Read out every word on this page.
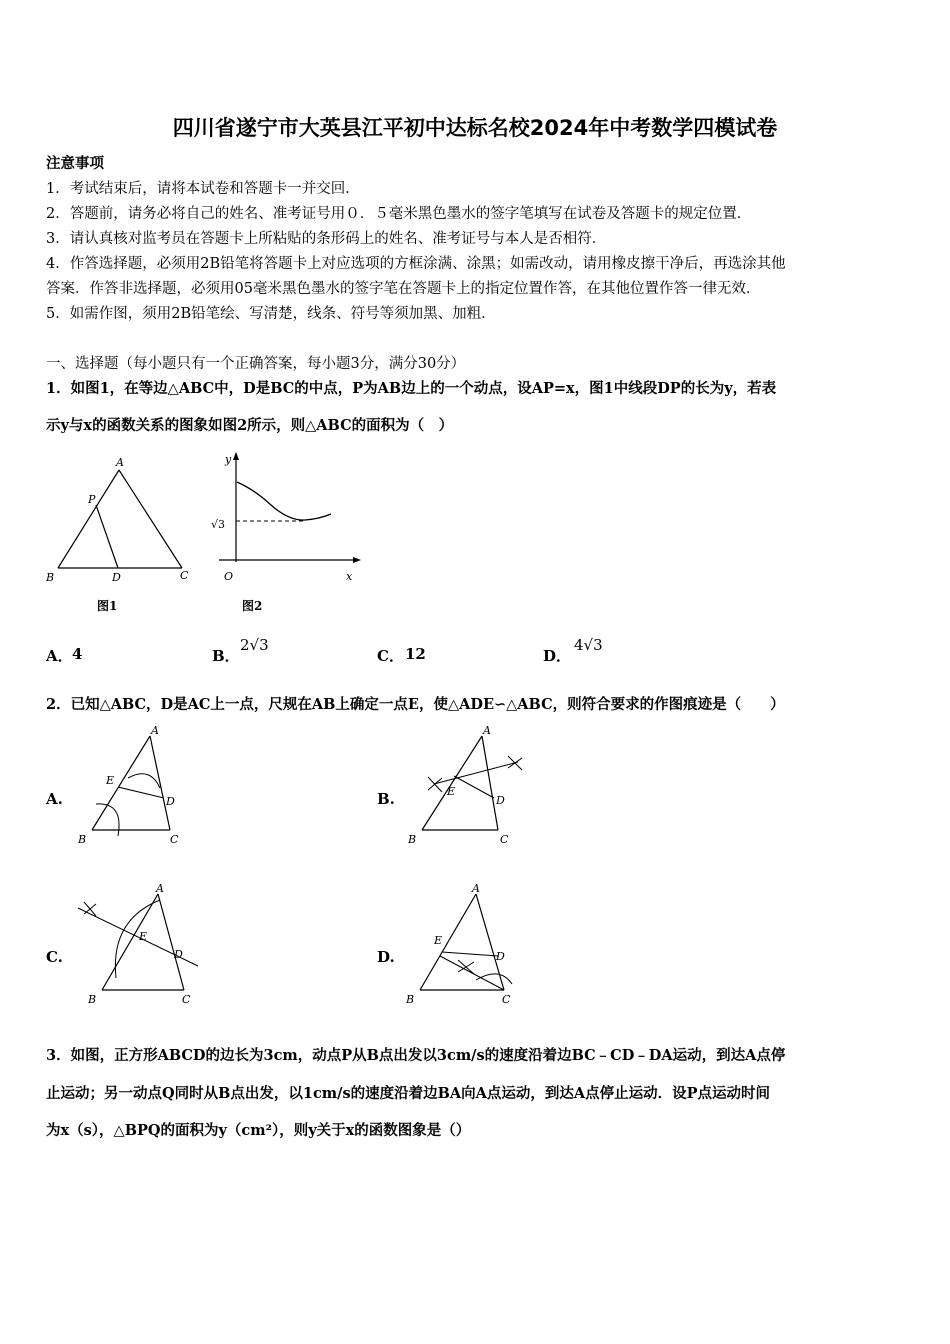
四川省遂宁市大英县江平初中达标名校2024年中考数学四模试卷
注意事项
1．考试结束后，请将本试卷和答题卡一并交回．
2．答题前，请务必将自己的姓名、准考证号用０．５毫米黑色墨水的签字笔填写在试卷及答题卡的规定位置．
3．请认真核对监考员在答题卡上所粘贴的条形码上的姓名、准考证号与本人是否相符．
4．作答选择题，必须用2B铅笔将答题卡上对应选项的方框涂满、涂黑；如需改动，请用橡皮擦干净后，再选涂其他
答案．作答非选择题，必须用05毫米黑色墨水的签字笔在答题卡上的指定位置作答，在其他位置作答一律无效．
5．如需作图，须用2B铅笔绘、写清楚，线条、符号等须加黑、加粗．
一、选择题（每小题只有一个正确答案，每小题3分，满分30分）
1．如图1，在等边△ABC中，D是BC的中点，P为AB边上的一个动点，设AP=x，图1中线段DP的长为y，若表
示y与x的函数关系的图象如图2所示，则△ABC的面积为（　）
A
P
B	D	C
图1
y
√3
O	x
图2
A． 4	B．
2√3
C． 12	D．
4√3
2．已知△ABC，D是AC上一点，尺规在AB上确定一点E，使△ADE∽△ABC，则符合要求的作图痕迹是（　　）
A.
A
E
D
B	C
B.
A
E
D
B	C
C.
A
E
D
B	C
D.
A
E
D
B	C
3．如图，正方形ABCD的边长为3cm，动点P从B点出发以3cm/s的速度沿着边BC﹣CD﹣DA运动，到达A点停
止运动；另一动点Q同时从B点出发，以1cm/s的速度沿着边BA向A点运动，到达A点停止运动．设P点运动时间
为x（s），△BPQ的面积为y（cm²），则y关于x的函数图象是（）
